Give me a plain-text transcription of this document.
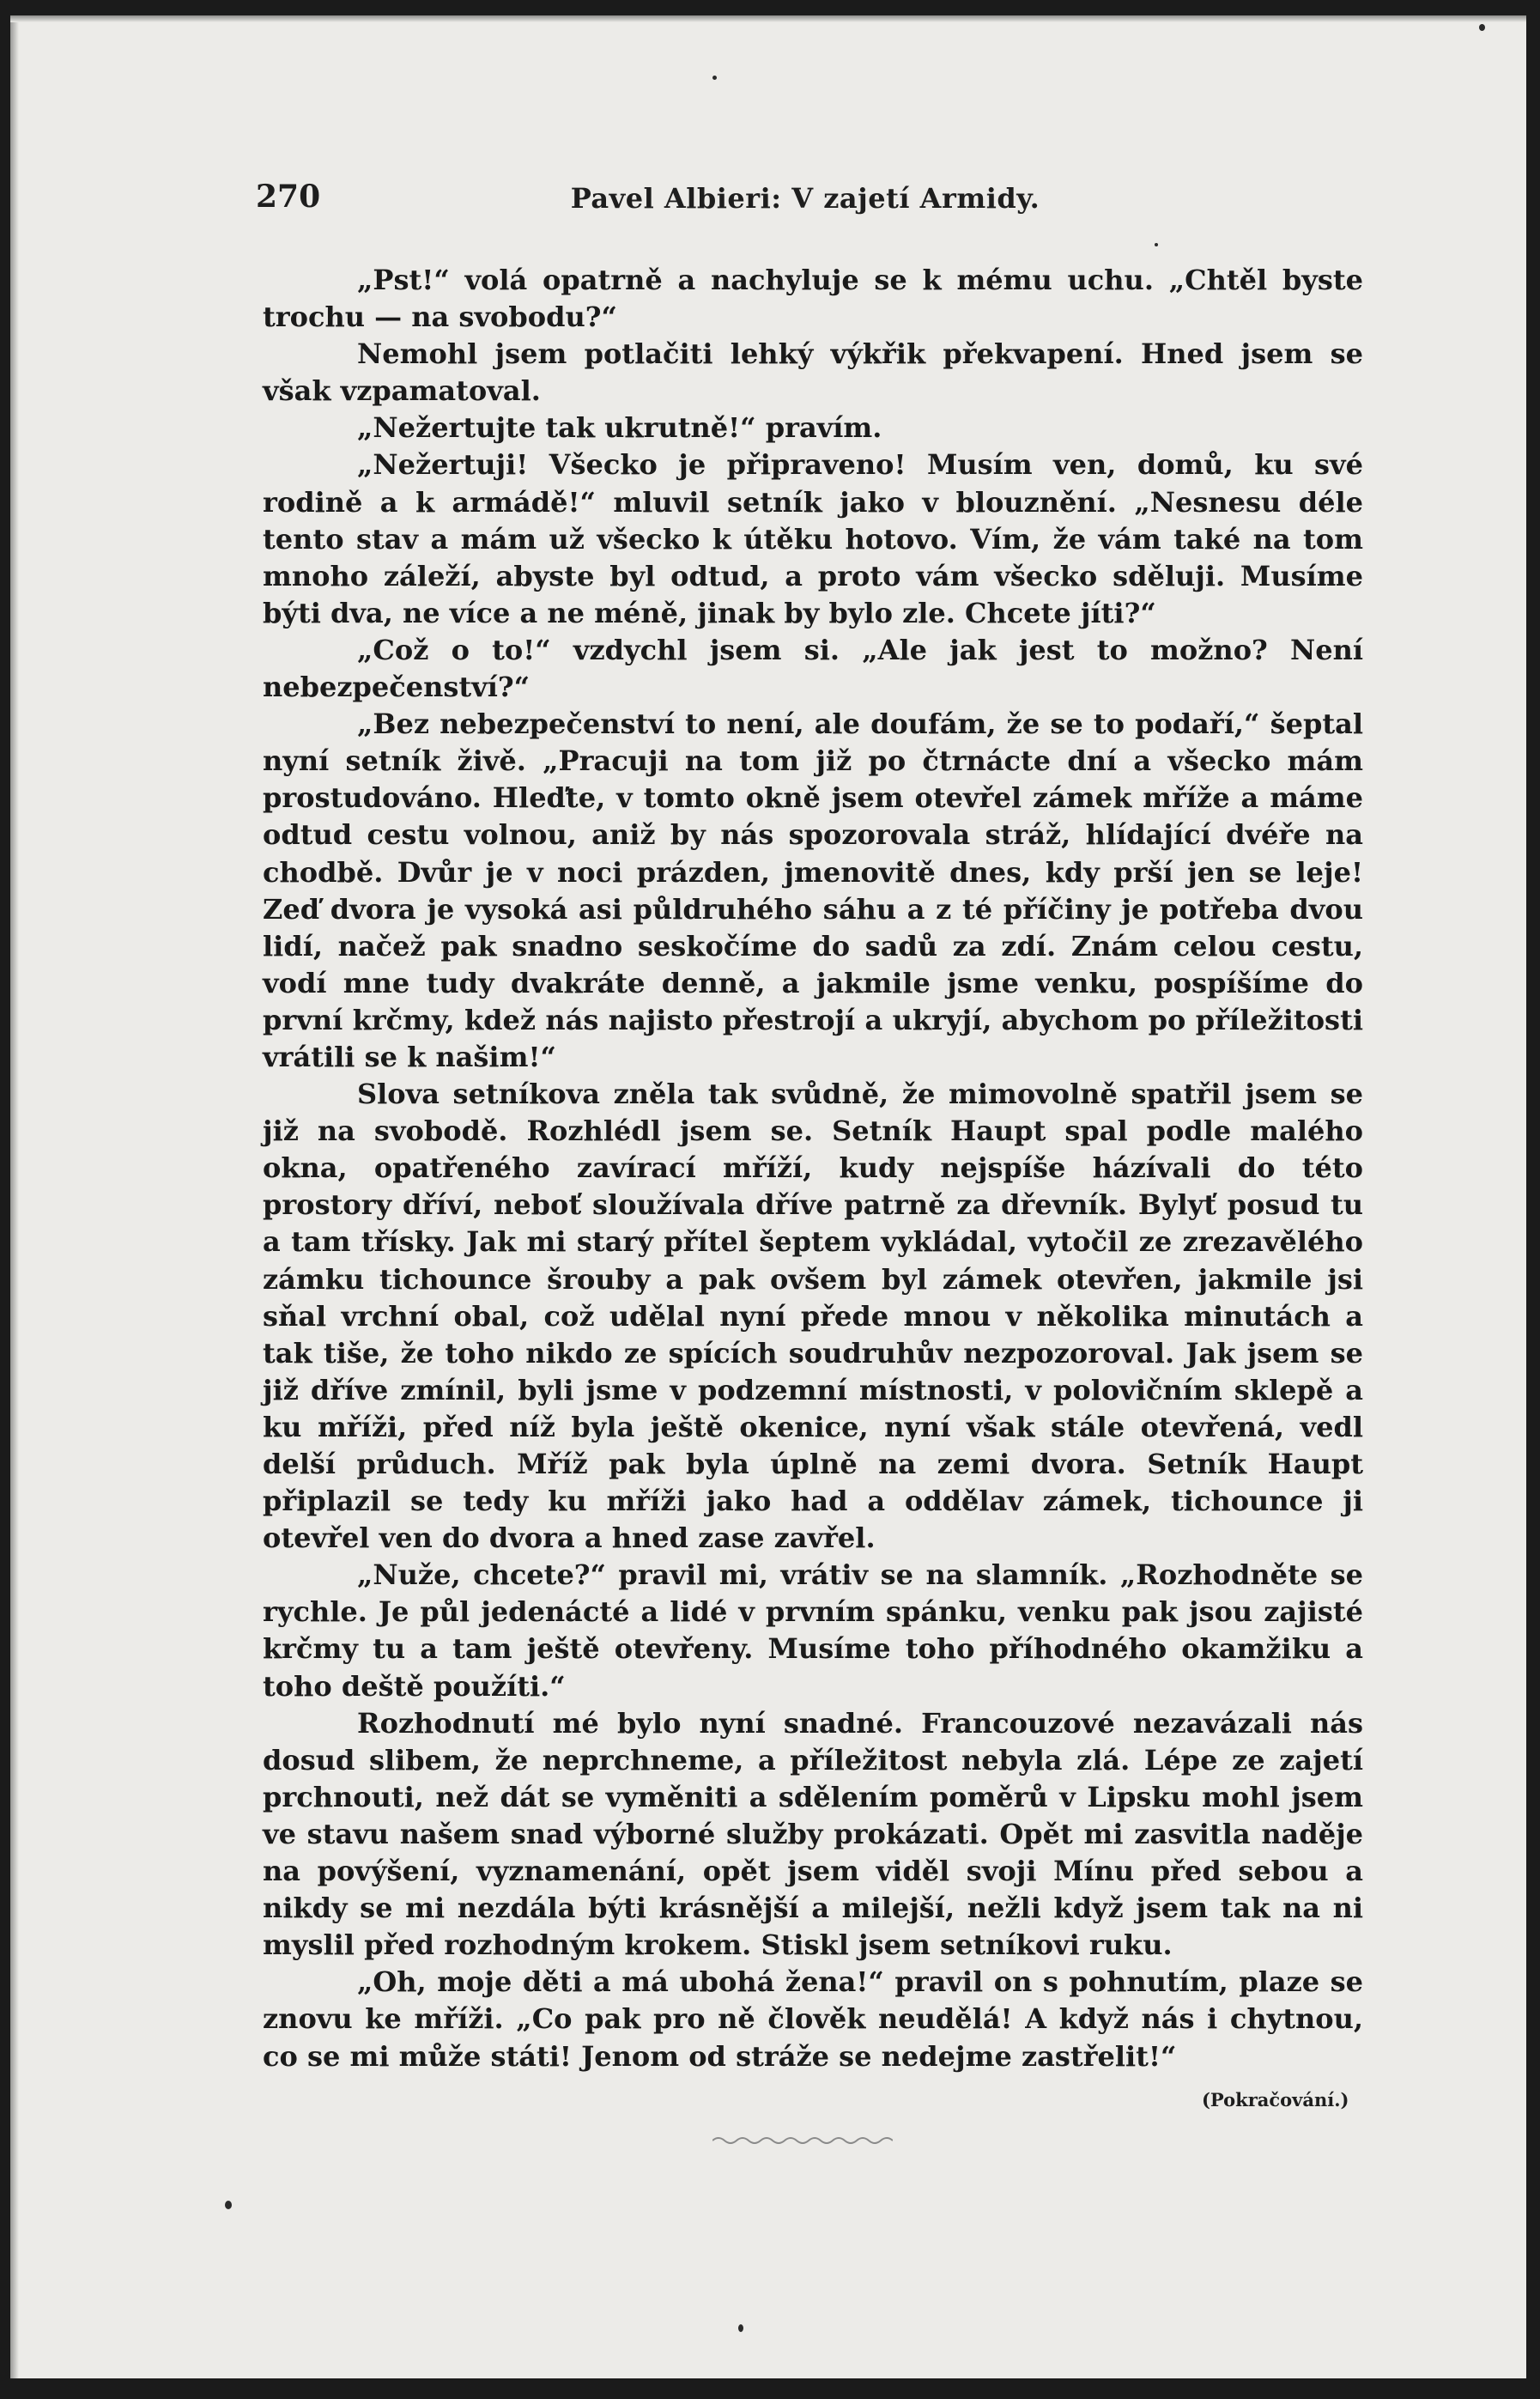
270	Pavel Albieri: V zajetí Armidy.

„Pst!“ volá opatrně a nachyluje se k mému uchu. „Chtěl byste trochu — na svobodu?“

Nemohl jsem potlačiti lehký výkřik překvapení. Hned jsem se však vzpamatoval.

„Nežertujte tak ukrutně!“ pravím.

„Nežertuji! Všecko je připraveno! Musím ven, domů, ku své rodině a k armádě!“ mluvil setník jako v blouznění. „Nesnesu déle tento stav a mám už všecko k útěku hotovo. Vím, že vám také na tom mnoho záleží, abyste byl odtud, a proto vám všecko sděluji. Musíme býti dva, ne více a ne méně, jinak by bylo zle. Chcete jíti?“

„Což o to!“ vzdychl jsem si. „Ale jak jest to možno? Není nebezpečenství?“

„Bez nebezpečenství to není, ale doufám, že se to podaří,“ šeptal nyní setník živě. „Pracuji na tom již po čtrnácte dní a všecko mám prostudováno. Hleďte, v tomto okně jsem otevřel zámek mříže a máme odtud cestu volnou, aniž by nás spozorovala stráž, hlídající dvéře na chodbě. Dvůr je v noci prázden, jmenovitě dnes, kdy prší jen se leje! Zeď dvora je vysoká asi půldruhého sáhu a z té příčiny je potřeba dvou lidí, načež pak snadno seskočíme do sadů za zdí. Znám celou cestu, vodí mne tudy dvakráte denně, a jakmile jsme venku, pospíšíme do první krčmy, kdež nás najisto přestrojí a ukryjí, abychom po příležitosti vrátili se k našim!“

Slova setníkova zněla tak svůdně, že mimovolně spatřil jsem se již na svobodě. Rozhlédl jsem se. Setník Haupt spal podle malého okna, opatřeného zavírací mříží, kudy nejspíše házívali do této prostory dříví, neboť sloužívala dříve patrně za dřevník. Bylyť posud tu a tam třísky. Jak mi starý přítel šeptem vykládal, vytočil ze zrezavělého zámku tichounce šrouby a pak ovšem byl zámek otevřen, jakmile jsi sňal vrchní obal, což udělal nyní přede mnou v několika minutách a tak tiše, že toho nikdo ze spících soudruhův nezpozoroval. Jak jsem se již dříve zmínil, byli jsme v podzemní místnosti, v polovičním sklepě a ku mříži, před níž byla ještě okenice, nyní však stále otevřená, vedl delší průduch. Mříž pak byla úplně na zemi dvora. Setník Haupt připlazil se tedy ku mříži jako had a oddělav zámek, tichounce ji otevřel ven do dvora a hned zase zavřel.

„Nuže, chcete?“ pravil mi, vrátiv se na slamník. „Rozhodněte se rychle. Je půl jedenácté a lidé v prvním spánku, venku pak jsou zajisté krčmy tu a tam ještě otevřeny. Musíme toho příhodného okamžiku a toho deště použíti.“

Rozhodnutí mé bylo nyní snadné. Francouzové nezavázali nás dosud slibem, že neprchneme, a příležitost nebyla zlá. Lépe ze zajetí prchnouti, než dát se vyměniti a sdělením poměrů v Lipsku mohl jsem ve stavu našem snad výborné služby prokázati. Opět mi zasvitla naděje na povýšení, vyznamenání, opět jsem viděl svoji Mínu před sebou a nikdy se mi nezdála býti krásnější a milejší, nežli když jsem tak na ni myslil před rozhodným krokem. Stiskl jsem setníkovi ruku.

„Oh, moje děti a má ubohá žena!“ pravil on s pohnutím, plaze se znovu ke mříži. „Co pak pro ně člověk neudělá! A když nás i chytnou, co se mi může státi! Jenom od stráže se nedejme zastřelit!“

(Pokračování.)
